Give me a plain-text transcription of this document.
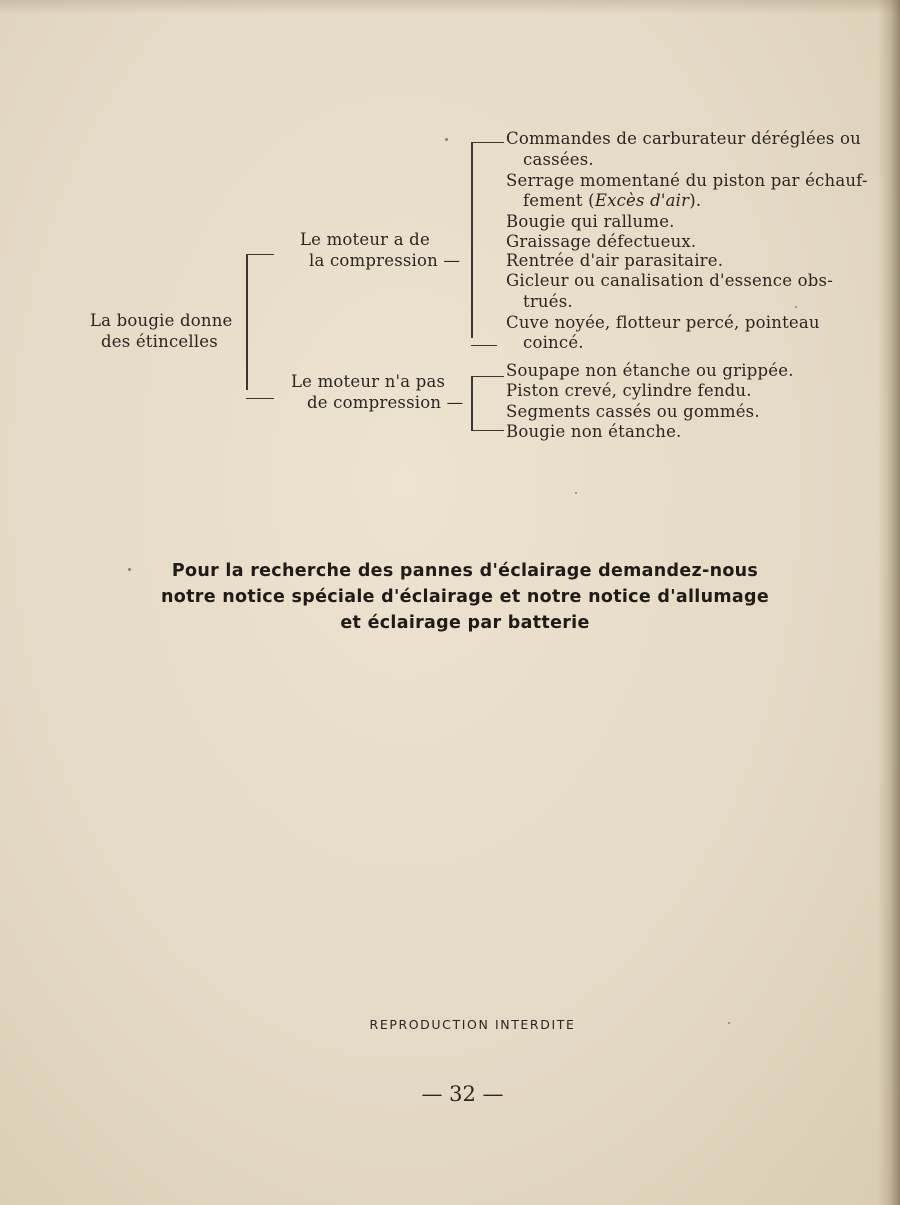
La bougie donne
des étincelles
Le moteur a de
la compression —
Le moteur n'a pas
de compression —
Commandes de carburateur déréglées ou
cassées.
Serrage momentané du piston par échauf-
fement (Excès d'air).
Bougie qui rallume.
Graissage défectueux.
Rentrée d'air parasitaire.
Gicleur ou canalisation d'essence obs-
trués.
Cuve noyée, flotteur percé, pointeau
coincé.
Soupape non étanche ou grippée.
Piston crevé, cylindre fendu.
Segments cassés ou gommés.
Bougie non étanche.
Pour la recherche des pannes d'éclairage demandez-nous
notre notice spéciale d'éclairage et notre notice d'allumage
et éclairage par batterie
REPRODUCTION INTERDITE
— 32 —
